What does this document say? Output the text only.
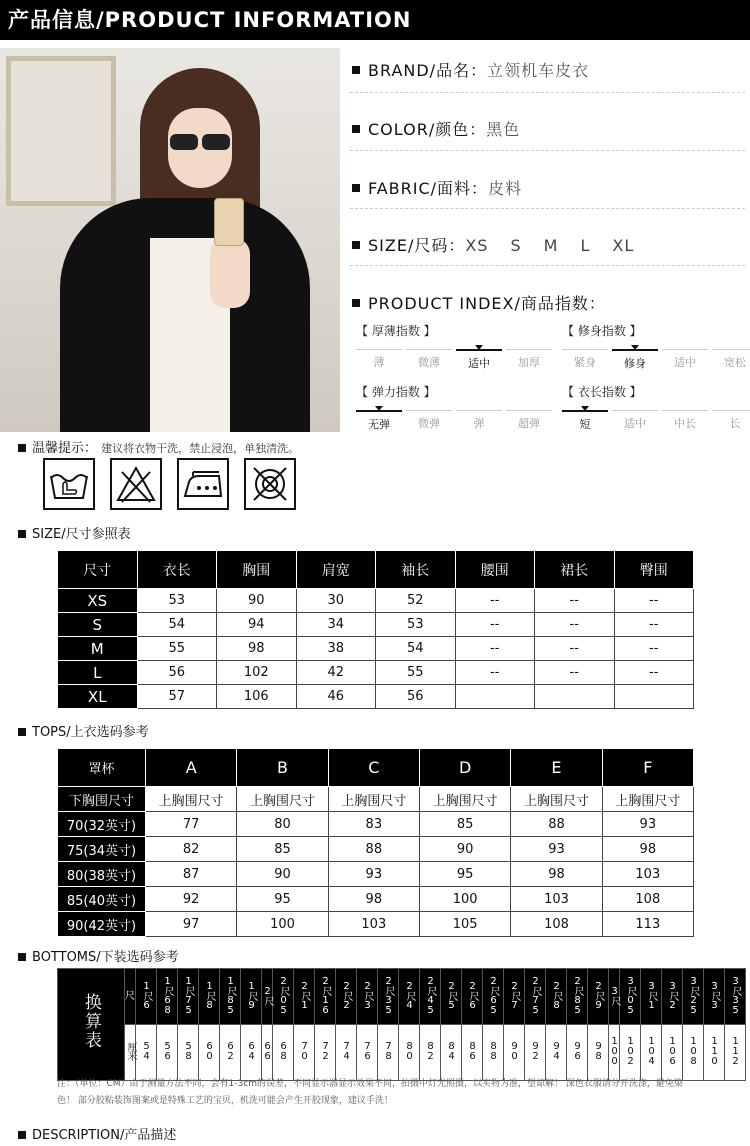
产品信息/PRODUCT INFORMATION
BRAND/品名：立领机车皮衣
COLOR/颜色：黑色
FABRIC/面料：皮料
SIZE/尺码：XS S M L XL
PRODUCT INDEX/商品指数：
【 厚薄指数 】
薄	微薄	适中	加厚
【 修身指数 】
紧身	修身	适中	宽松
【 弹力指数 】
无弹	微弹	弹	超弹
【 衣长指数 】
短	适中	中长	长
温馨提示： 建议将衣物干洗，禁止浸泡，单独清洗。
SIZE/尺寸参照表
尺寸	衣长	胸围	肩宽	袖长	腰围	裙长	臀围
XS	53	90	30	52	--	--	--
S	54	94	34	53	--	--	--
M	55	98	38	54	--	--	--
L	56	102	42	55	--	--	--
XL	57	106	46	56			
TOPS/上衣选码参考
罩杯	A	B	C	D	E	F
下胸围尺寸	上胸围尺寸	上胸围尺寸	上胸围尺寸	上胸围尺寸	上胸围尺寸	上胸围尺寸
70(32英寸)	77	80	83	85	88	93
75(34英寸)	82	85	88	90	93	98
80(38英寸)	87	90	93	95	98	103
85(40英寸)	92	95	98	100	103	108
90(42英寸)	97	100	103	105	108	113
BOTTOMS/下装选码参考
换算表	尺	1尺6	1尺68	1尺75	1尺8	1尺85	1尺9	2尺	2尺05	2尺1	2尺16	2尺2	2尺3	2尺35	2尺4	2尺45	2尺5	2尺6	2尺65	2尺7	2尺75	2尺8	2尺85	2尺9	3尺	3尺05	3尺1	3尺2	3尺25	3尺3	3尺35
	厘米	54	56	58	60	62	64	66	68	70	72	74	76	78	80	82	84	86	88	90	92	94	96	98	100	102	104	106	108	110	112
注：（单位：CM）由于测量方法不同，会有1-3cm的误差，不同显示器显示效果不同，拍摄中灯光照摄，以实物为准，望谅解！ 深色衣服请分开洗涤，避免染色！ 部分胶粘装饰图案或是特殊工艺的宝贝，机洗可能会产生开胶现象，建议手洗！
DESCRIPTION/产品描述
